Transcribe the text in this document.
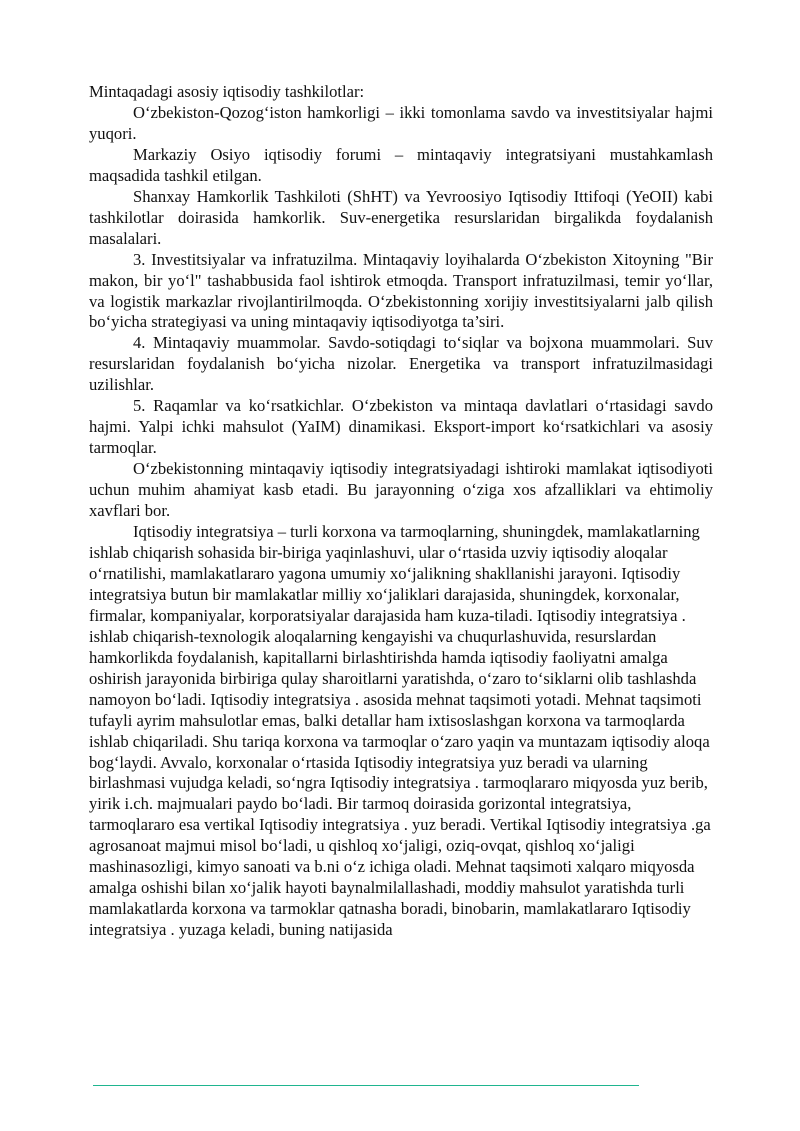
Mintaqadagi asosiy iqtisodiy tashkilotlar:

O‘zbekiston-Qozog‘iston hamkorligi – ikki tomonlama savdo va investitsiyalar hajmi yuqori.

Markaziy Osiyo iqtisodiy forumi – mintaqaviy integratsiyani mustahkamlash maqsadida tashkil etilgan.

Shanxay Hamkorlik Tashkiloti (ShHT) va Yevroosiyo Iqtisodiy Ittifoqi (YeOII) kabi tashkilotlar doirasida hamkorlik. Suv-energetika resurslaridan birgalikda foydalanish masalalari.

3. Investitsiyalar va infratuzilma. Mintaqaviy loyihalarda O‘zbekiston Xitoyning "Bir makon, bir yo‘l" tashabbusida faol ishtirok etmoqda. Transport infratuzilmasi, temir yo‘llar, va logistik markazlar rivojlantirilmoqda. O‘zbekistonning xorijiy investitsiyalarni jalb qilish bo‘yicha strategiyasi va uning mintaqaviy iqtisodiyotga ta’siri.

4. Mintaqaviy muammolar. Savdo-sotiqdagi to‘siqlar va bojxona muammolari. Suv resurslaridan foydalanish bo‘yicha nizolar. Energetika va transport infratuzilmasidagi uzilishlar.

5. Raqamlar va ko‘rsatkichlar. O‘zbekiston va mintaqa davlatlari o‘rtasidagi savdo hajmi. Yalpi ichki mahsulot (YaIM) dinamikasi. Eksport-import ko‘rsatkichlari va asosiy tarmoqlar.

O‘zbekistonning mintaqaviy iqtisodiy integratsiyadagi ishtiroki mamlakat iqtisodiyoti uchun muhim ahamiyat kasb etadi. Bu jarayonning o‘ziga xos afzalliklari va ehtimoliy xavflari bor.

Iqtisodiy integratsiya – turli korxona va tarmoqlarning, shuningdek, mamlakatlarning ishlab chiqarish sohasida bir-biriga yaqinlashuvi, ular o‘rtasida uzviy iqtisodiy aloqalar o‘rnatilishi, mamlakatlararo yagona umumiy xo‘jalikning shakllanishi jarayoni. Iqtisodiy integratsiya butun bir mamlakatlar milliy xo‘jaliklari darajasida, shuningdek, korxonalar, firmalar, kompaniyalar, korporatsiyalar darajasida ham kuza-tiladi. Iqtisodiy integratsiya . ishlab chiqarish-texnologik aloqalarning kengayishi va chuqurlashuvida, resurslardan hamkorlikda foydalanish, kapitallarni birlashtirishda hamda iqtisodiy faoliyatni amalga oshirish jarayonida birbiriga qulay sharoitlarni yaratishda, o‘zaro to‘siklarni olib tashlashda namoyon bo‘ladi. Iqtisodiy integratsiya . asosida mehnat taqsimoti yotadi. Mehnat taqsimoti tufayli ayrim mahsulotlar emas, balki detallar ham ixtisoslashgan korxona va tarmoqlarda ishlab chiqariladi. Shu tariqa korxona va tarmoqlar o‘zaro yaqin va muntazam iqtisodiy aloqa bog‘laydi. Avvalo, korxonalar o‘rtasida Iqtisodiy integratsiya yuz beradi va ularning birlashmasi vujudga keladi, so‘ngra Iqtisodiy integratsiya . tarmoqlararo miqyosda yuz berib, yirik i.ch. majmualari paydo bo‘ladi. Bir tarmoq doirasida gorizontal integratsiya, tarmoqlararo esa vertikal Iqtisodiy integratsiya . yuz beradi. Vertikal Iqtisodiy integratsiya .ga agrosanoat majmui misol bo‘ladi, u qishloq xo‘jaligi, oziq-ovqat, qishloq xo‘jaligi mashinasozligi, kimyo sanoati va b.ni o‘z ichiga oladi. Mehnat taqsimoti xalqaro miqyosda amalga oshishi bilan xo‘jalik hayoti baynalmilallashadi, moddiy mahsulot yaratishda turli mamlakatlarda korxona va tarmoklar qatnasha boradi, binobarin, mamlakatlararo Iqtisodiy integratsiya . yuzaga keladi, buning natijasida
